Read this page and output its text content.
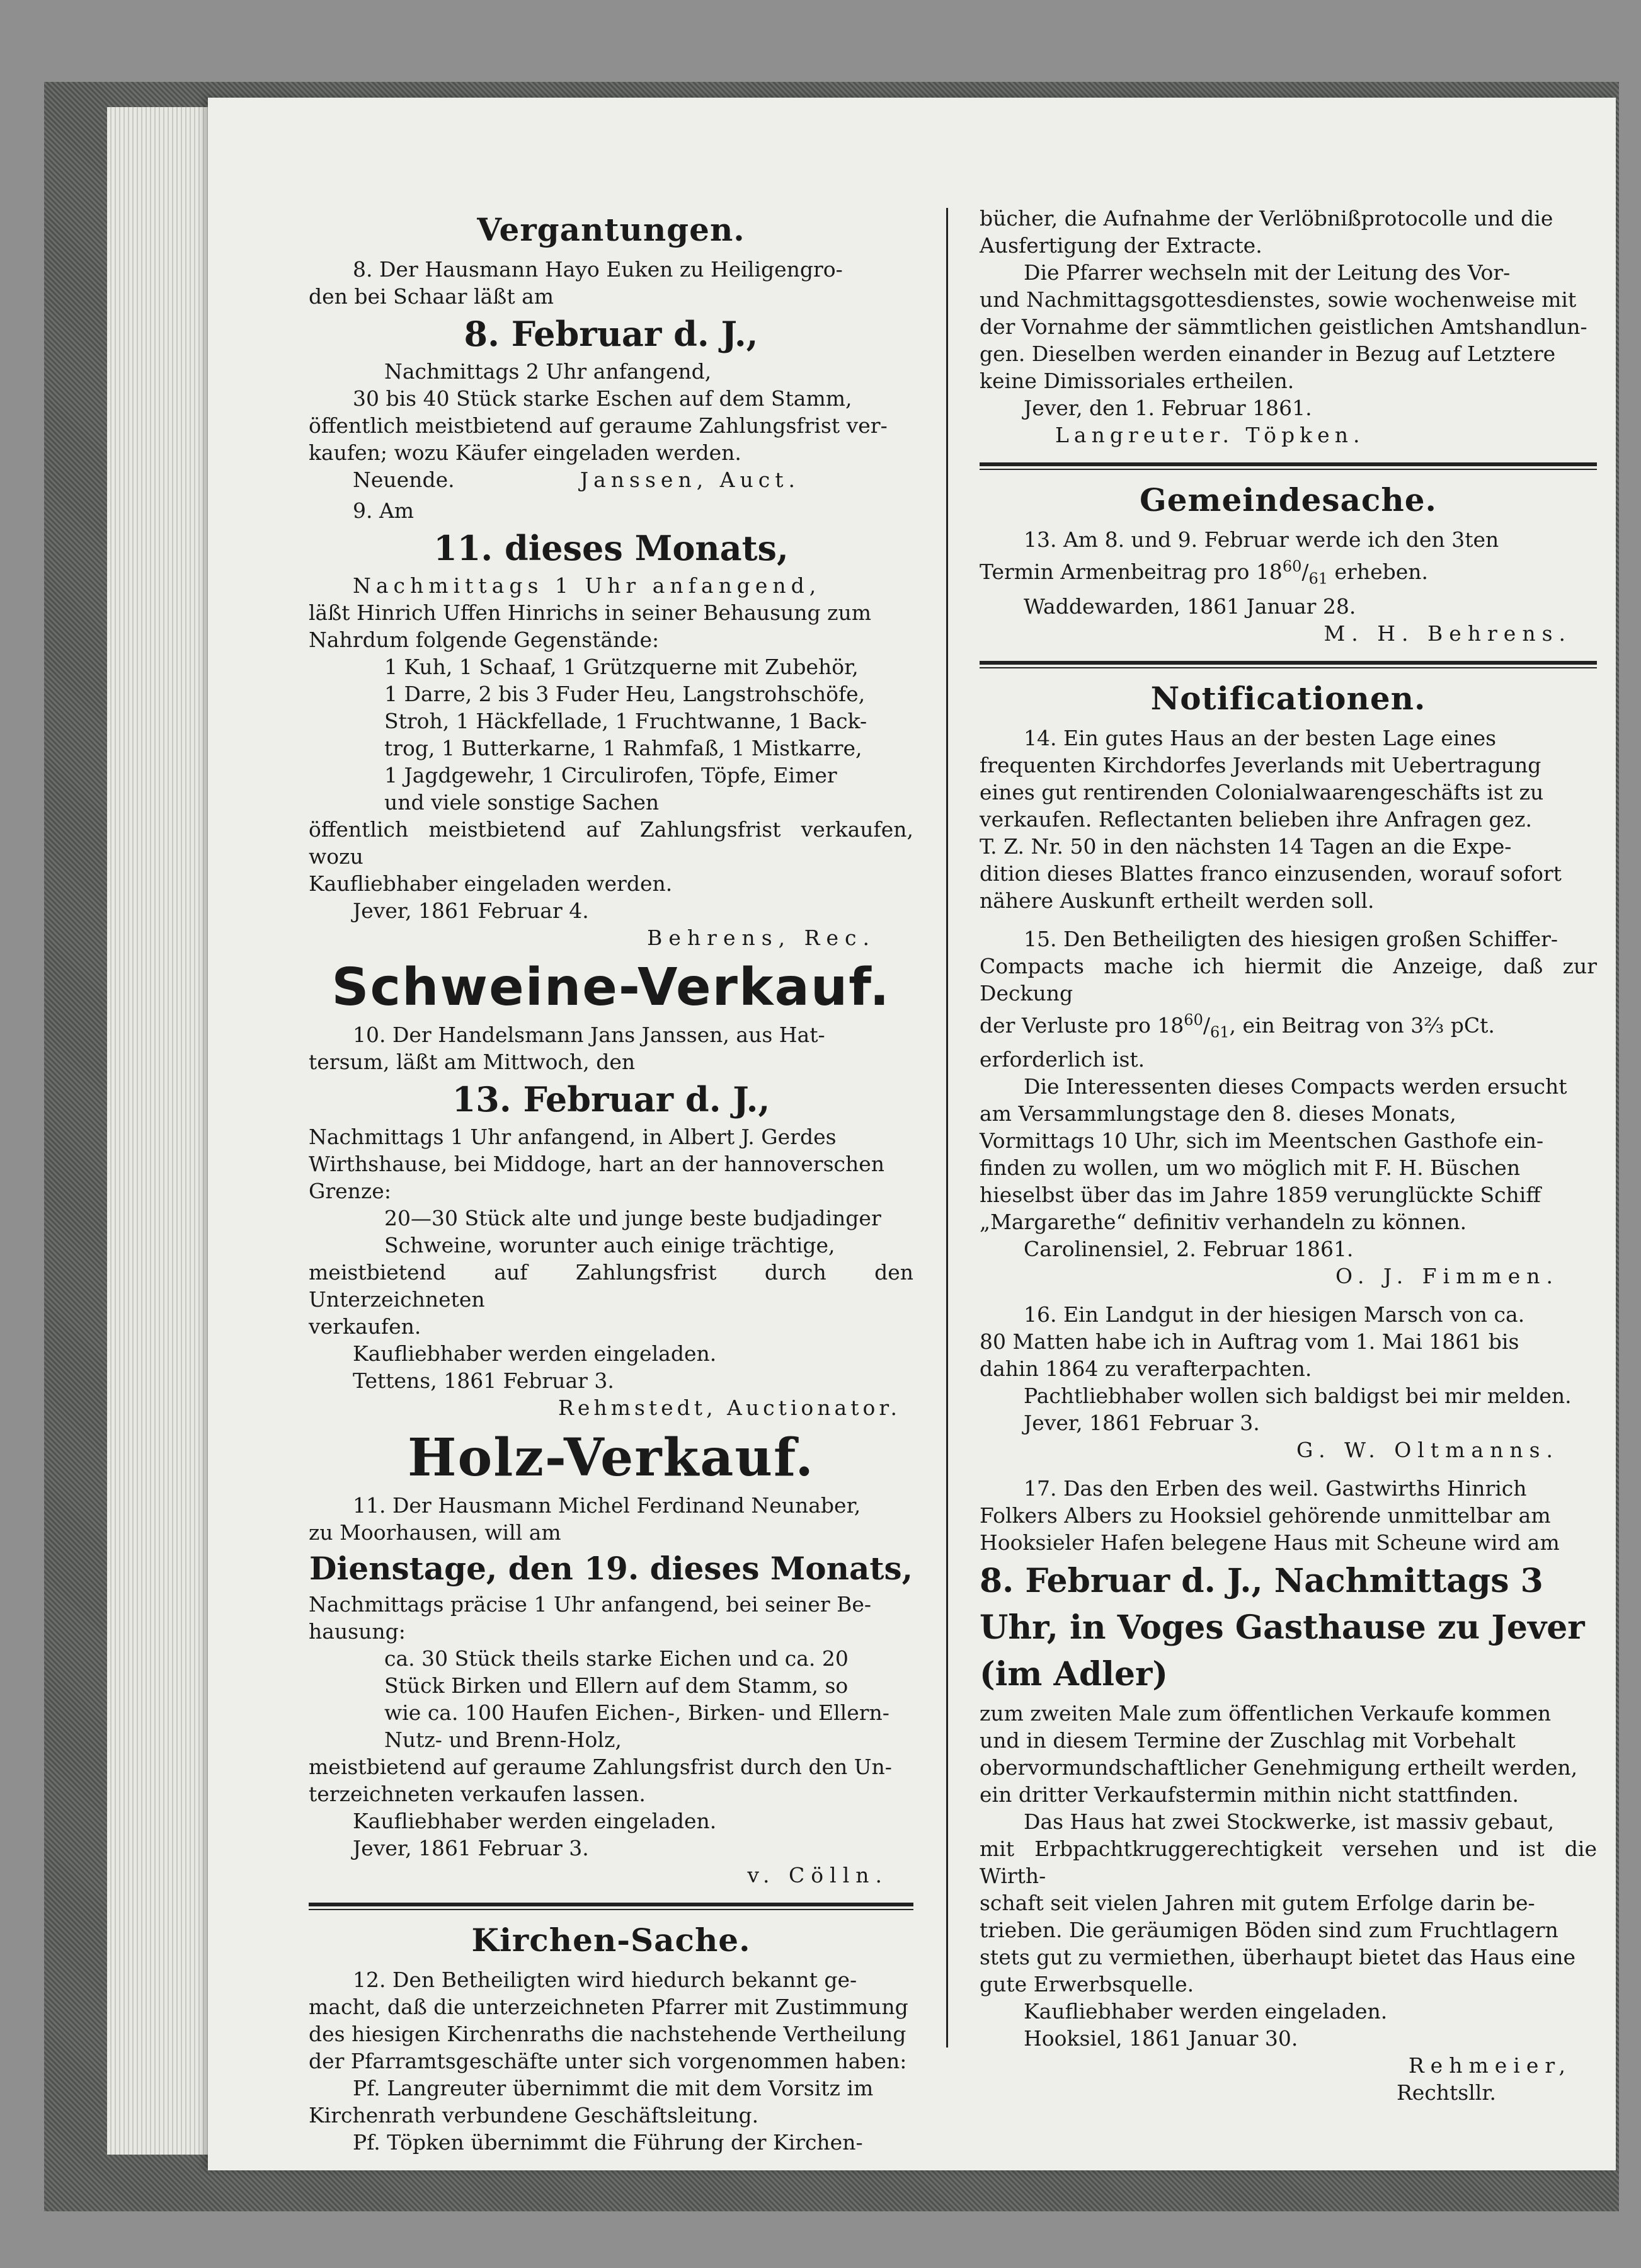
Vergantungen.

8. Der Hausmann Hayo Euken zu Heiligengro-

den bei Schaar läßt am

8. Februar d. J.,

Nachmittags 2 Uhr anfangend,

30 bis 40 Stück starke Eschen auf dem Stamm,

öffentlich meistbietend auf geraume Zahlungsfrist ver-

kaufen; wozu Käufer eingeladen werden.

Neuende.	Janssen, Auct.

9. Am

11. dieses Monats,

Nachmittags 1 Uhr anfangend,

läßt Hinrich Uffen Hinrichs in seiner Behausung zum

Nahrdum folgende Gegenstände:

1 Kuh, 1 Schaaf, 1 Grützquerne mit Zubehör,

1 Darre, 2 bis 3 Fuder Heu, Langstrohschöfe,

Stroh, 1 Häckfellade, 1 Fruchtwanne, 1 Back-

trog, 1 Butterkarne, 1 Rahmfaß, 1 Mistkarre,

1 Jagdgewehr, 1 Circulirofen, Töpfe, Eimer

und viele sonstige Sachen

öffentlich meistbietend auf Zahlungsfrist verkaufen, wozu

Kaufliebhaber eingeladen werden.

Jever, 1861 Februar 4.

Behrens, Rec.

Schweine-Verkauf.

10. Der Handelsmann Jans Janssen, aus Hat-

tersum, läßt am Mittwoch, den

13. Februar d. J.,

Nachmittags 1 Uhr anfangend, in Albert J. Gerdes

Wirthshause, bei Middoge, hart an der hannoverschen

Grenze:

20—30 Stück alte und junge beste budjadinger

Schweine, worunter auch einige trächtige,

meistbietend auf Zahlungsfrist durch den Unterzeichneten

verkaufen.

Kaufliebhaber werden eingeladen.

Tettens, 1861 Februar 3.

Rehmstedt, Auctionator.

Holz-Verkauf.

11. Der Hausmann Michel Ferdinand Neunaber,

zu Moorhausen, will am

Dienstage, den 19. dieses Monats,

Nachmittags präcise 1 Uhr anfangend, bei seiner Be-

hausung:

ca. 30 Stück theils starke Eichen und ca. 20

Stück Birken und Ellern auf dem Stamm, so

wie ca. 100 Haufen Eichen-, Birken- und Ellern-

Nutz- und Brenn-Holz,

meistbietend auf geraume Zahlungsfrist durch den Un-

terzeichneten verkaufen lassen.

Kaufliebhaber werden eingeladen.

Jever, 1861 Februar 3.

v. Cölln.

Kirchen-Sache.

12. Den Betheiligten wird hiedurch bekannt ge-

macht, daß die unterzeichneten Pfarrer mit Zustimmung

des hiesigen Kirchenraths die nachstehende Vertheilung

der Pfarramtsgeschäfte unter sich vorgenommen haben:

Pf. Langreuter übernimmt die mit dem Vorsitz im

Kirchenrath verbundene Geschäftsleitung.

Pf. Töpken übernimmt die Führung der Kirchen-

bücher, die Aufnahme der Verlöbnißprotocolle und die

Ausfertigung der Extracte.

Die Pfarrer wechseln mit der Leitung des Vor-

und Nachmittagsgottesdienstes, sowie wochenweise mit

der Vornahme der sämmtlichen geistlichen Amtshandlun-

gen. Dieselben werden einander in Bezug auf Letztere

keine Dimissoriales ertheilen.

Jever, den 1. Februar 1861.

Langreuter. Töpken.

Gemeindesache.

13. Am 8. und 9. Februar werde ich den 3ten

Termin Armenbeitrag pro $18^{60}/_{61}$ erheben.

Waddewarden, 1861 Januar 28.

M. H. Behrens.

Notificationen.

14. Ein gutes Haus an der besten Lage eines

frequenten Kirchdorfes Jeverlands mit Uebertragung

eines gut rentirenden Colonialwaarengeschäfts ist zu

verkaufen. Reflectanten belieben ihre Anfragen gez.

T. Z. Nr. 50 in den nächsten 14 Tagen an die Expe-

dition dieses Blattes franco einzusenden, worauf sofort

nähere Auskunft ertheilt werden soll.

15. Den Betheiligten des hiesigen großen Schiffer-

Compacts mache ich hiermit die Anzeige, daß zur Deckung

der Verluste pro $18^{60}/_{61}$, ein Beitrag von 3⅔ pCt.

erforderlich ist.

Die Interessenten dieses Compacts werden ersucht

am Versammlungstage den 8. dieses Monats,

Vormittags 10 Uhr, sich im Meentschen Gasthofe ein-

finden zu wollen, um wo möglich mit F. H. Büschen

hieselbst über das im Jahre 1859 verunglückte Schiff

„Margarethe“ definitiv verhandeln zu können.

Carolinensiel, 2. Februar 1861.

O. J. Fimmen.

16. Ein Landgut in der hiesigen Marsch von ca.

80 Matten habe ich in Auftrag vom 1. Mai 1861 bis

dahin 1864 zu verafterpachten.

Pachtliebhaber wollen sich baldigst bei mir melden.

Jever, 1861 Februar 3.

G. W. Oltmanns.

17. Das den Erben des weil. Gastwirths Hinrich

Folkers Albers zu Hooksiel gehörende unmittelbar am

Hooksieler Hafen belegene Haus mit Scheune wird am

8. Februar d. J., Nachmittags 3
Uhr, in Voges Gasthause zu Jever
(im Adler)

zum zweiten Male zum öffentlichen Verkaufe kommen

und in diesem Termine der Zuschlag mit Vorbehalt

obervormundschaftlicher Genehmigung ertheilt werden,

ein dritter Verkaufstermin mithin nicht stattfinden.

Das Haus hat zwei Stockwerke, ist massiv gebaut,

mit Erbpachtkruggerechtigkeit versehen und ist die Wirth-

schaft seit vielen Jahren mit gutem Erfolge darin be-

trieben. Die geräumigen Böden sind zum Fruchtlagern

stets gut zu vermiethen, überhaupt bietet das Haus eine

gute Erwerbsquelle.

Kaufliebhaber werden eingeladen.

Hooksiel, 1861 Januar 30.

Rehmeier,

Rechtsllr.
